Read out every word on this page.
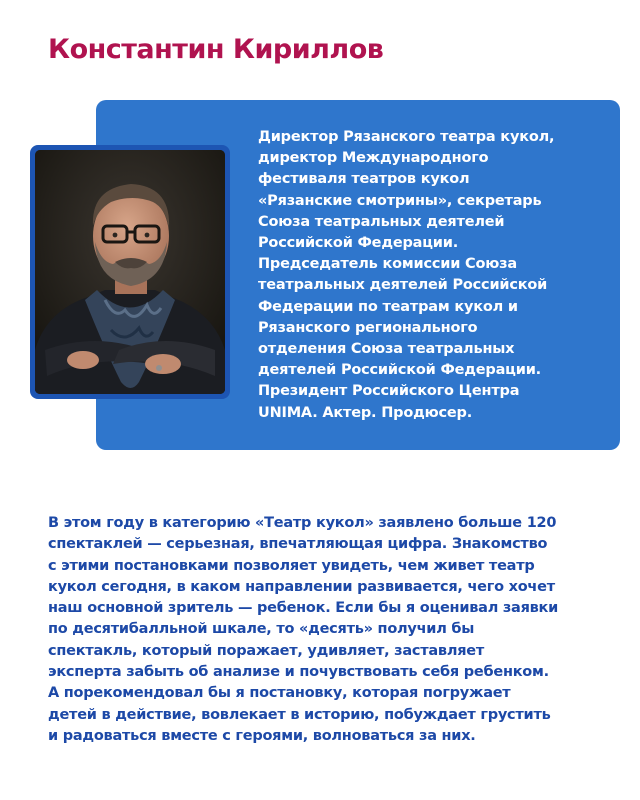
Константин Кириллов

Директор Рязанского театра кукол,
директор Международного
фестиваля театров кукол
«Рязанские смотрины», секретарь
Союза театральных деятелей
Российской Федерации.
Председатель комиссии Союза
театральных деятелей Российской
Федерации по театрам кукол и
Рязанского регионального
отделения Союза театральных
деятелей Российской Федерации.
Президент Российского Центра
UNIMA. Актер. Продюсер.

В этом году в категорию «Театр кукол» заявлено больше 120
спектаклей — серьезная, впечатляющая цифра. Знакомство
с этими постановками позволяет увидеть, чем живет театр
кукол сегодня, в каком направлении развивается, чего хочет
наш основной зритель — ребенок. Если бы я оценивал заявки
по десятибалльной шкале, то «десять» получил бы
спектакль, который поражает, удивляет, заставляет
эксперта забыть об анализе и почувствовать себя ребенком.
А порекомендовал бы я постановку, которая погружает
детей в действие, вовлекает в историю, побуждает грустить
и радоваться вместе с героями, волноваться за них.
